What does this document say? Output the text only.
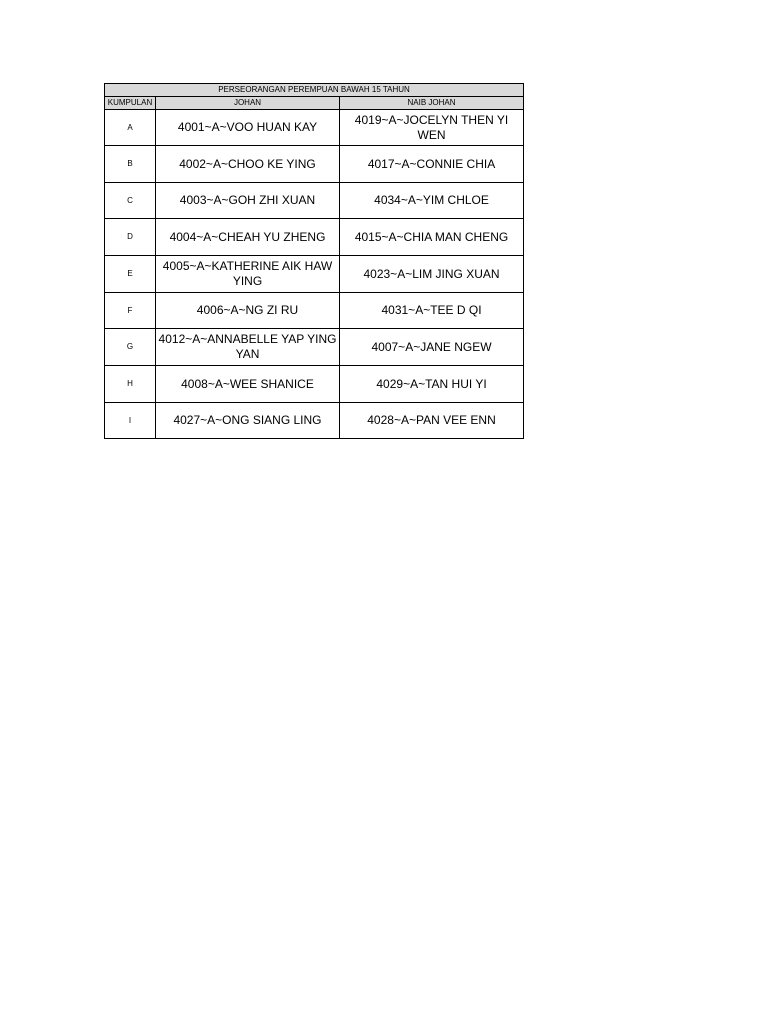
PERSEORANGAN PEREMPUAN BAWAH 15 TAHUN		
KUMPULAN	JOHAN	NAIB JOHAN
A	4001~A~VOO HUAN KAY	4019~A~JOCELYN THEN YI WEN
B	4002~A~CHOO KE YING	4017~A~CONNIE CHIA
C	4003~A~GOH ZHI XUAN	4034~A~YIM CHLOE
D	4004~A~CHEAH YU ZHENG	4015~A~CHIA MAN CHENG
E	4005~A~KATHERINE AIK HAW YING	4023~A~LIM JING XUAN
F	4006~A~NG ZI RU	4031~A~TEE D QI
G	4012~A~ANNABELLE YAP YING YAN	4007~A~JANE NGEW
H	4008~A~WEE SHANICE	4029~A~TAN HUI YI
I	4027~A~ONG SIANG LING	4028~A~PAN VEE ENN
